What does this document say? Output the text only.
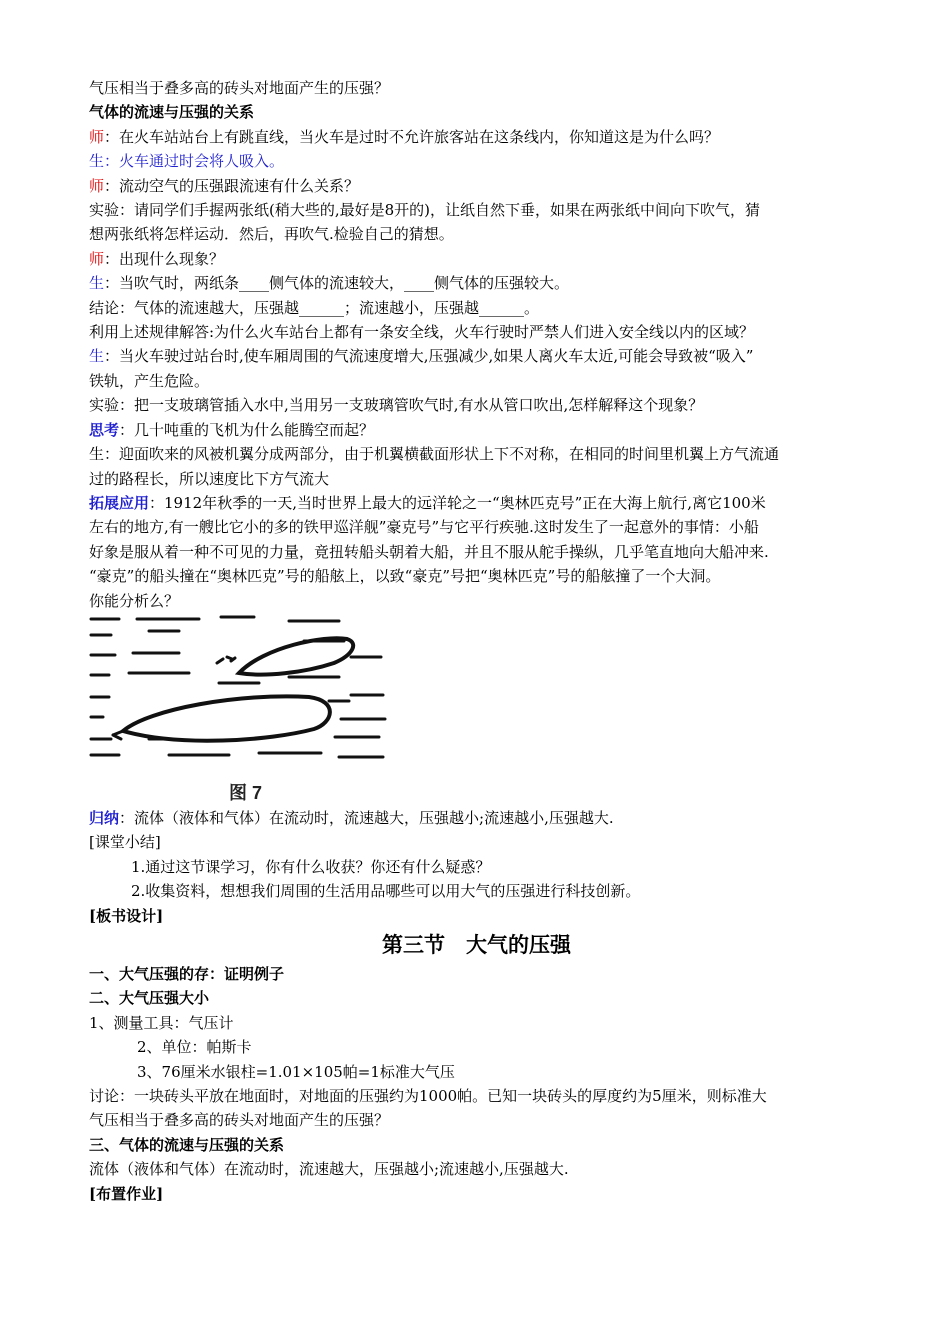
气压相当于叠多高的砖头对地面产生的压强？
气体的流速与压强的关系
师：在火车站站台上有跳直线，当火车是过时不允许旅客站在这条线内，你知道这是为什么吗？
生：火车通过时会将人吸入。
师：流动空气的压强跟流速有什么关系？
实验：请同学们手握两张纸(稍大些的,最好是8开的)，让纸自然下垂，如果在两张纸中间向下吹气，猜
想两张纸将怎样运动．然后，再吹气.检验自己的猜想。
师：出现什么现象？
生：当吹气时，两纸条____侧气体的流速较大，____侧气体的压强较大。
结论：气体的流速越大，压强越______；流速越小，压强越______。
利用上述规律解答:为什么火车站台上都有一条安全线，火车行驶时严禁人们进入安全线以内的区域？
生：当火车驶过站台时,使车厢周围的气流速度增大,压强减少,如果人离火车太近,可能会导致被“吸入”
铁轨，产生危险。
实验：把一支玻璃管插入水中,当用另一支玻璃管吹气时,有水从管口吹出,怎样解释这个现象？
思考：几十吨重的飞机为什么能腾空而起？
生：迎面吹来的风被机翼分成两部分，由于机翼横截面形状上下不对称，在相同的时间里机翼上方气流通
过的路程长，所以速度比下方气流大
拓展应用：1912年秋季的一天,当时世界上最大的远洋轮之一“奥林匹克号”正在大海上航行,离它100米
左右的地方,有一艘比它小的多的铁甲巡洋舰”豪克号”与它平行疾驰.这时发生了一起意外的事情：小船
好象是服从着一种不可见的力量，竟扭转船头朝着大船，并且不服从舵手操纵，几乎笔直地向大船冲来.
“豪克”的船头撞在“奥林匹克”号的船舷上，以致“豪克”号把“奥林匹克”号的船舷撞了一个大洞。
你能分析么？
图 7
归纳：流体（液体和气体）在流动时，流速越大，压强越小;流速越小,压强越大.
[课堂小结]
1.通过这节课学习，你有什么收获？你还有什么疑惑？
2.收集资料，想想我们周围的生活用品哪些可以用大气的压强进行科技创新。
[板书设计]
第三节　大气的压强
一、大气压强的存：证明例子
二、大气压强大小
1、测量工具：气压计
2、单位：帕斯卡
3、76厘米水银柱=1.01×105帕=1标准大气压
讨论：一块砖头平放在地面时，对地面的压强约为1000帕。已知一块砖头的厚度约为5厘米，则标准大
气压相当于叠多高的砖头对地面产生的压强？
三、气体的流速与压强的关系
流体（液体和气体）在流动时，流速越大，压强越小;流速越小,压强越大.
[布置作业]
